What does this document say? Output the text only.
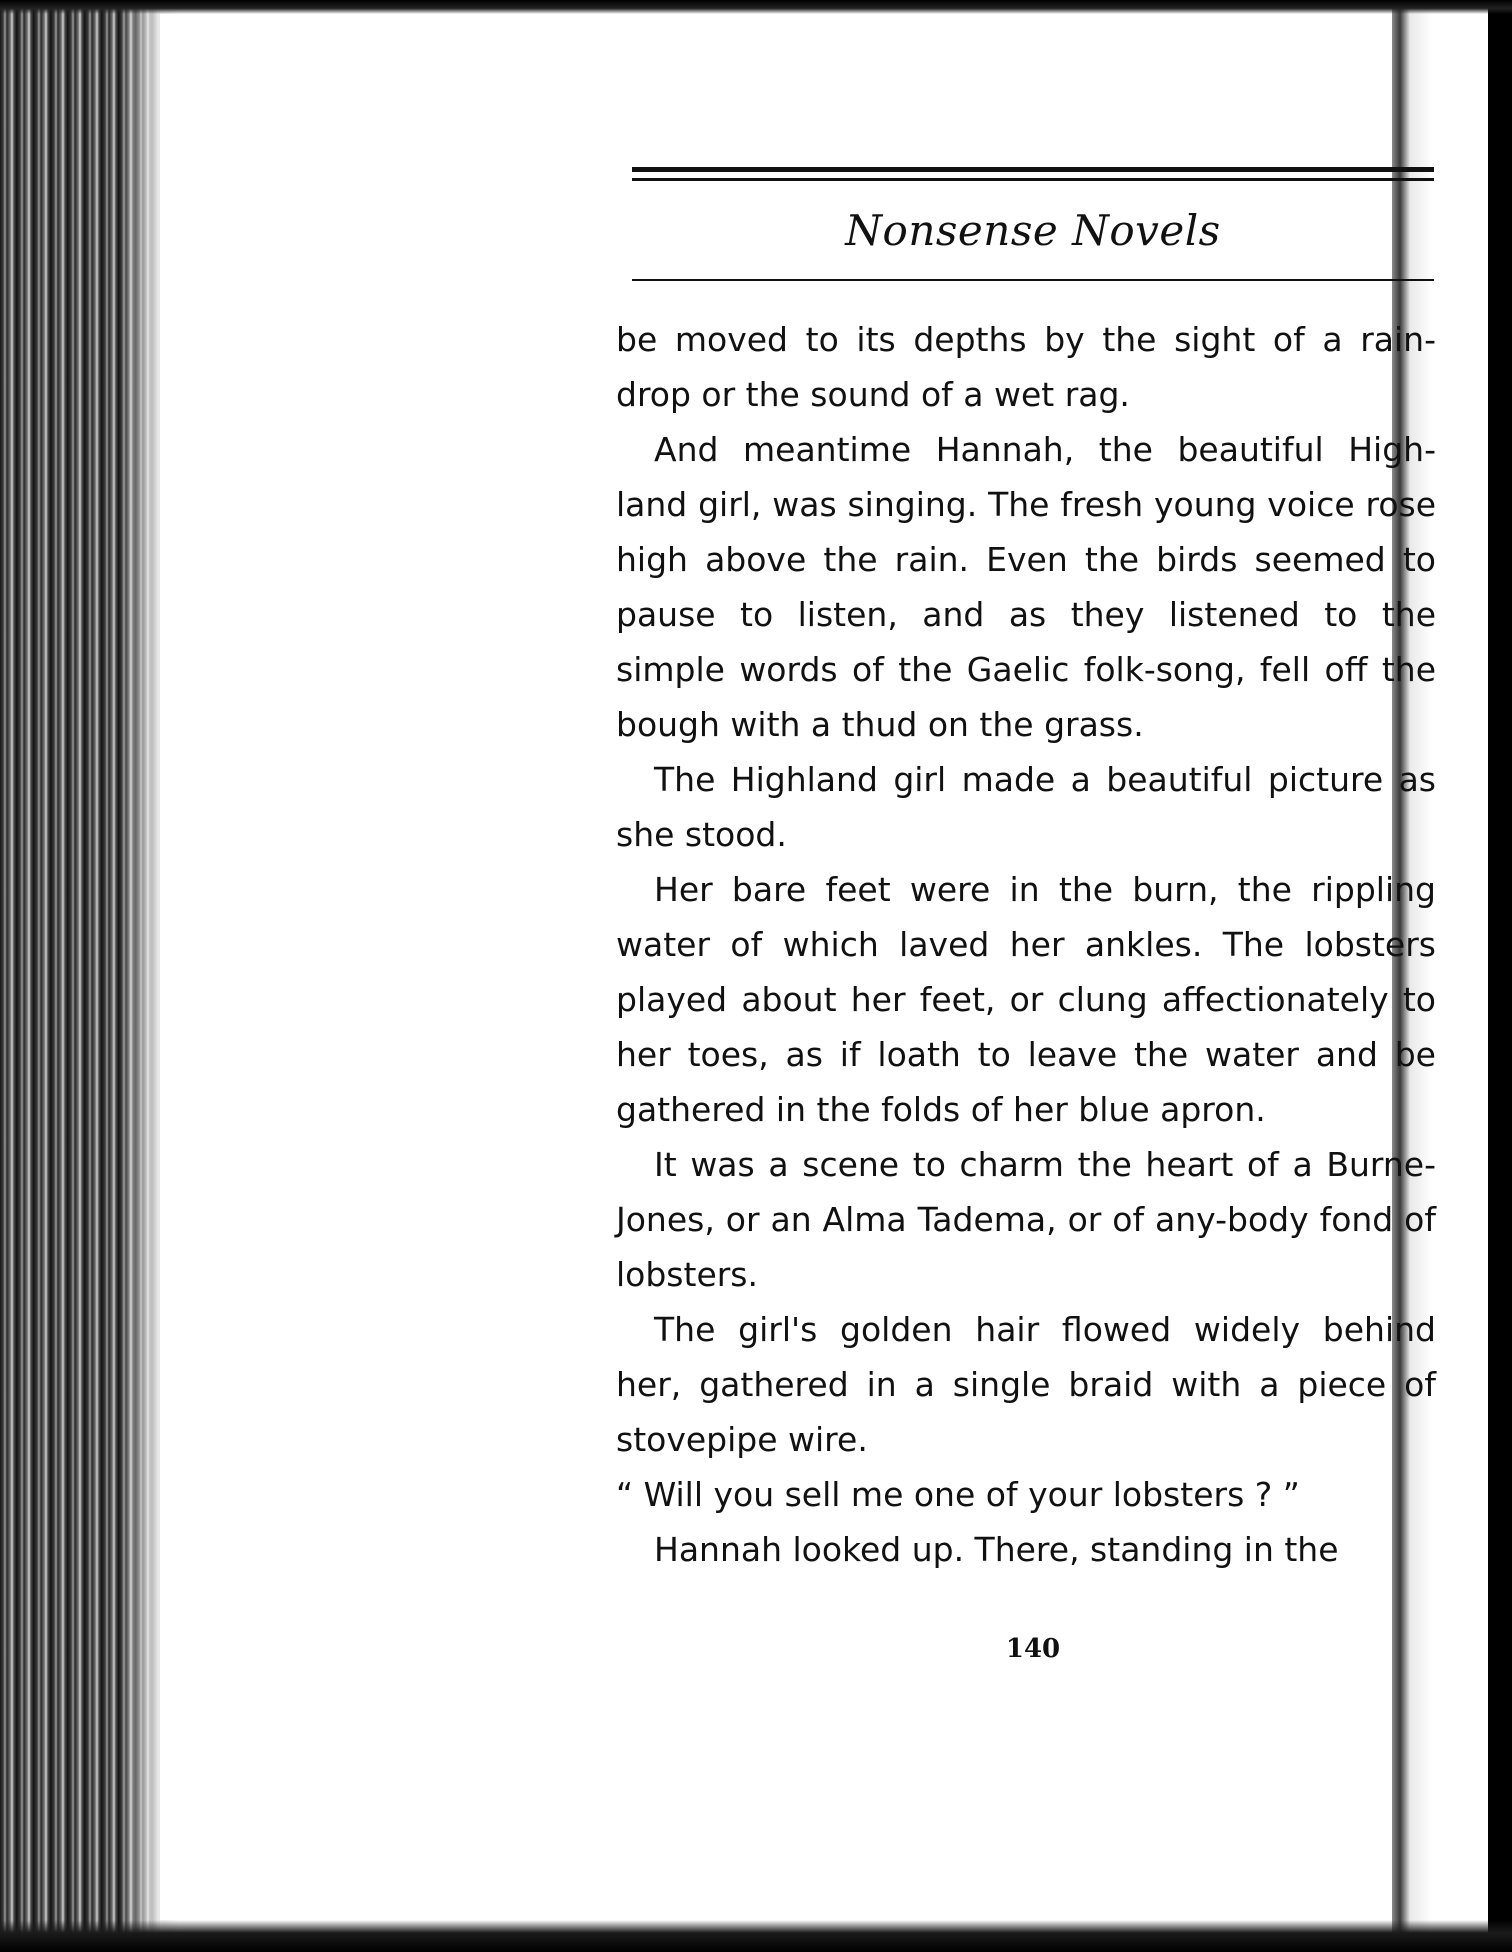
Nonsense Novels

be moved to its depths by the sight of a rain-drop or the sound of a wet rag.

And meantime Hannah, the beautiful High-land girl, was singing. The fresh young voice rose high above the rain. Even the birds seemed to pause to listen, and as they listened to the simple words of the Gaelic folk-song, fell off the bough with a thud on the grass.

The Highland girl made a beautiful picture as she stood.

Her bare feet were in the burn, the rippling water of which laved her ankles. The lobsters played about her feet, or clung affectionately to her toes, as if loath to leave the water and be gathered in the folds of her blue apron.

It was a scene to charm the heart of a Burne-Jones, or an Alma Tadema, or of any-body fond of lobsters.

The girl's golden hair flowed widely behind her, gathered in a single braid with a piece of stovepipe wire.

“ Will you sell me one of your lobsters ? ”

Hannah looked up. There, standing in the

140
